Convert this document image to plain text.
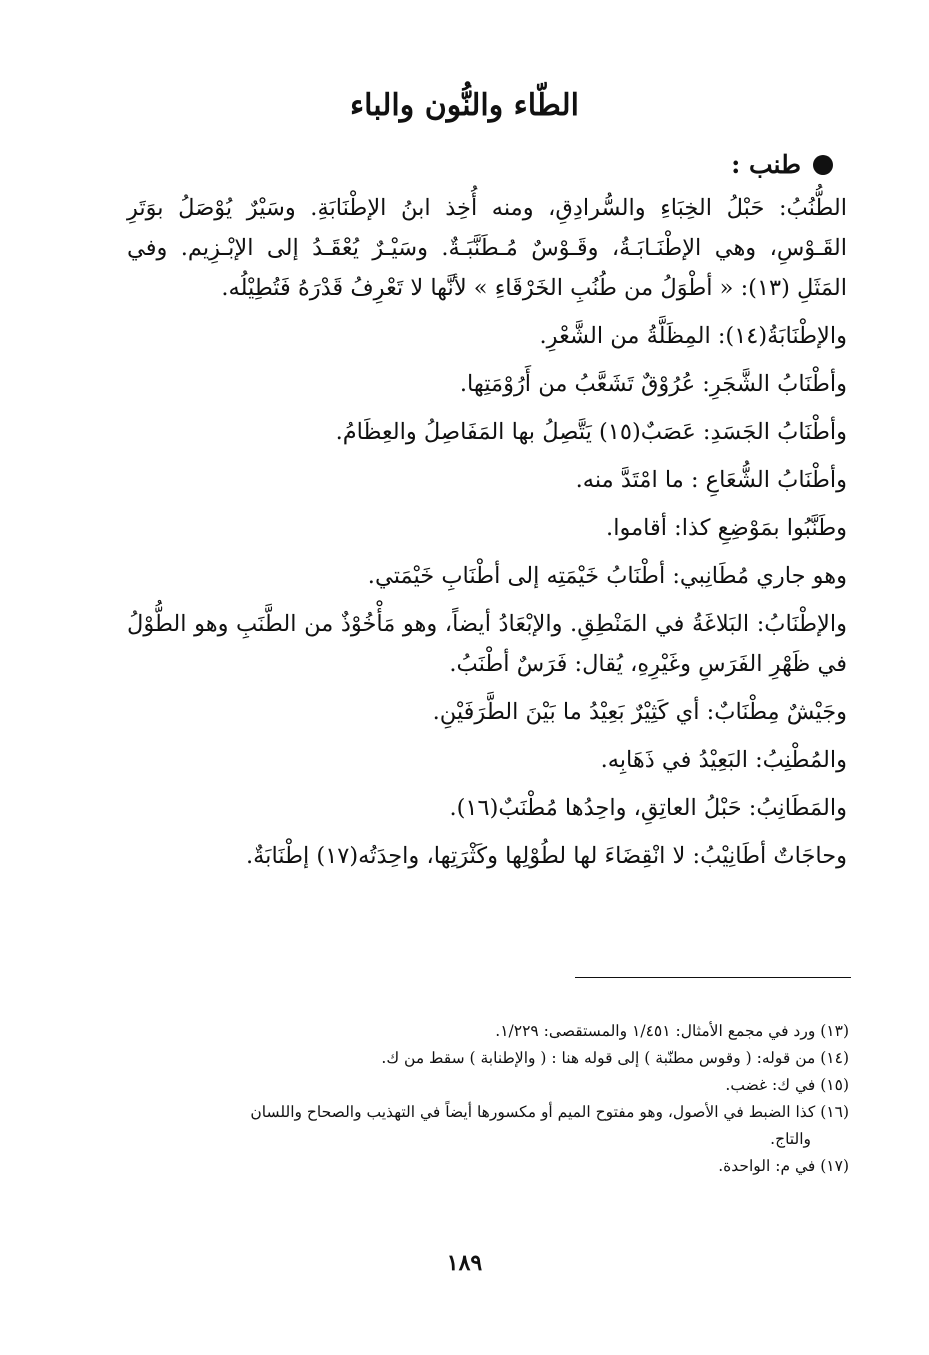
الطّاء والنُّون والباء
طنب :

الطُّنُبُ: حَبْلُ الخِبَاءِ والسُّرادِقِ، ومنه أُخِذ ابنُ الإطْنَابَةِ. وسَيْرٌ يُوْصَلُ بوَتَرِ القَـوْسِ، وهي الإطْنَـابَـةُ، وقَـوْسٌ مُـطَنَّبَـةٌ. وسَيْـرٌ يُعْقَـدُ إلى الإبْـزِيم. وفي المَثَلِ (١٣): « أطْوَلُ من طُنُبِ الخَرْقَاءِ » لأنَّها لا تَعْرِفُ قَدْرَهُ فَتُطِيْلُه.

والإطْنَابَةُ(١٤): المِظَلَّةُ من الشَّعْرِ.

وأطْنَابُ الشَّجَرِ: عُرُوْقٌ تَشَعَّبُ من أَرُوْمَتِها.

وأطْنَابُ الجَسَدِ: عَصَبٌ(١٥) يَتَّصِلُ بها المَفَاصِلُ والعِظَامُ.

وأطْنَابُ الشُّعَاعِ : ما امْتَدَّ منه.

وطَنَّبُوا بمَوْضِعِ كذا: أقاموا.

وهو جاري مُطَانِبي: أطْنَابُ خَيْمَتِه إلى أطْنَابِ خَيْمَتي.

والإطْنَابُ: البَلاغَةُ في المَنْطِقِ. والإبْعَادُ أيضاً، وهو مَأْخُوْذٌ من الطَّنَبِ وهو الطُّوْلُ في ظَهْرِ الفَرَسِ وغَيْرِهِ، يُقال: فَرَسٌ أطْنَبُ.

وجَيْشٌ مِطْنَابٌ: أي كَثِيْرٌ بَعِيْدُ ما بَيْنَ الطَّرَفَيْنِ.

والمُطْنِبُ: البَعِيْدُ في ذَهَابِه.

والمَطَانِبُ: حَبْلُ العاتِقِ، واحِدُها مُطْنَبٌ(١٦).

وحاجَاتٌ أطَانِيْبُ: لا انْقِضَاءَ لها لطُوْلِها وكَثْرَتِها، واحِدَتُه(١٧) إطْنَابَةٌ.

(١٣) ورد في مجمع الأمثال: ١/٤٥١ والمستقصى: ١/٢٢٩.

(١٤) من قوله: ( وقوس مطنّبة ) إلى قوله هنا : ( والإطنابة ) سقط من ك.

(١٥) في ك: غضب.

(١٦) كذا الضبط في الأصول، وهو مفتوح الميم أو مكسورها أيضاً في التهذيب والصحاح واللسان

والتاج.

(١٧) في م: الواحدة.

١٨٩
